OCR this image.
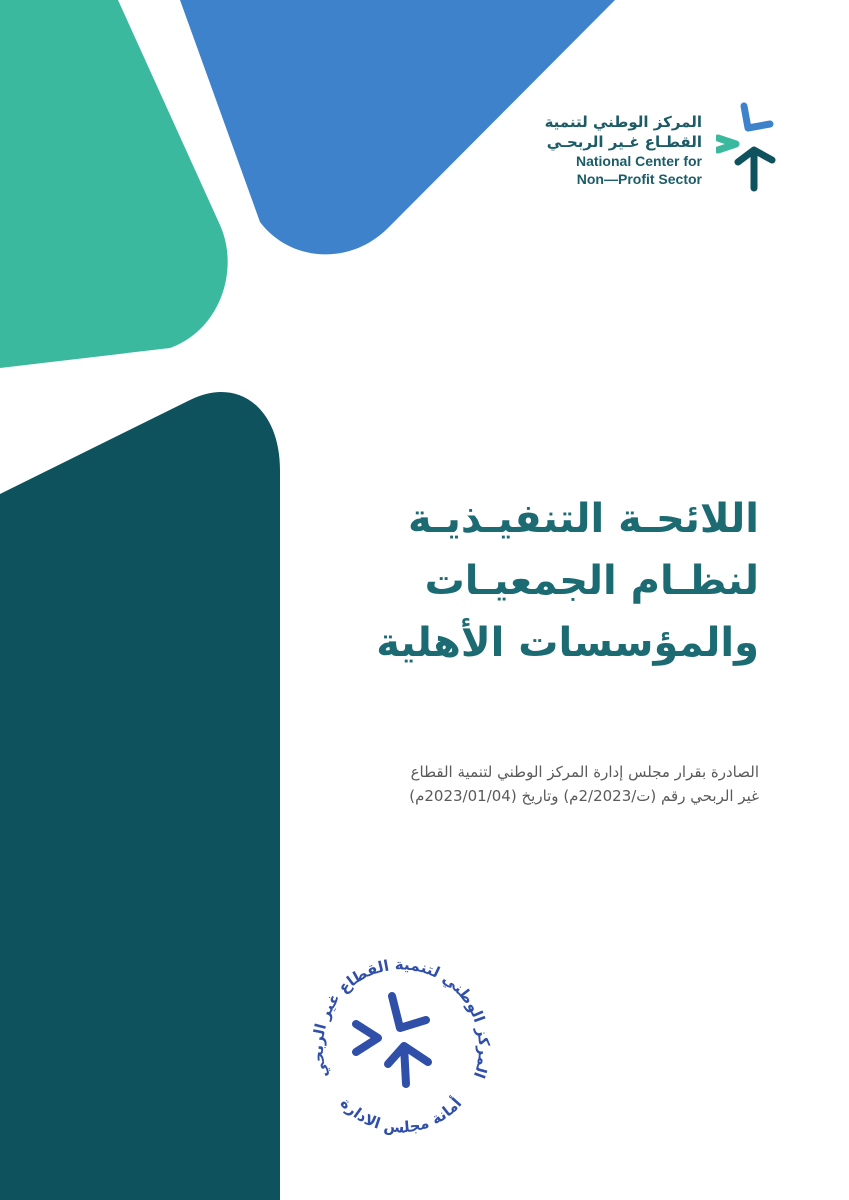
المركز الوطني لتنمية
القطـاع غـير الربحـي
National Center for
Non—Profit Sector
اللائحـة التنفيـذيـة
لنظـام الجمعيـات
والمؤسسات الأهلية
الصادرة بقرار مجلس إدارة المركز الوطني لتنمية القطاع
غير الربحي رقم (ت/2/2023م) وتاريخ (2023/01/04م)
المركز الوطني لتنمية القطاع غير الربحي
أمانة مجلس الادارة
